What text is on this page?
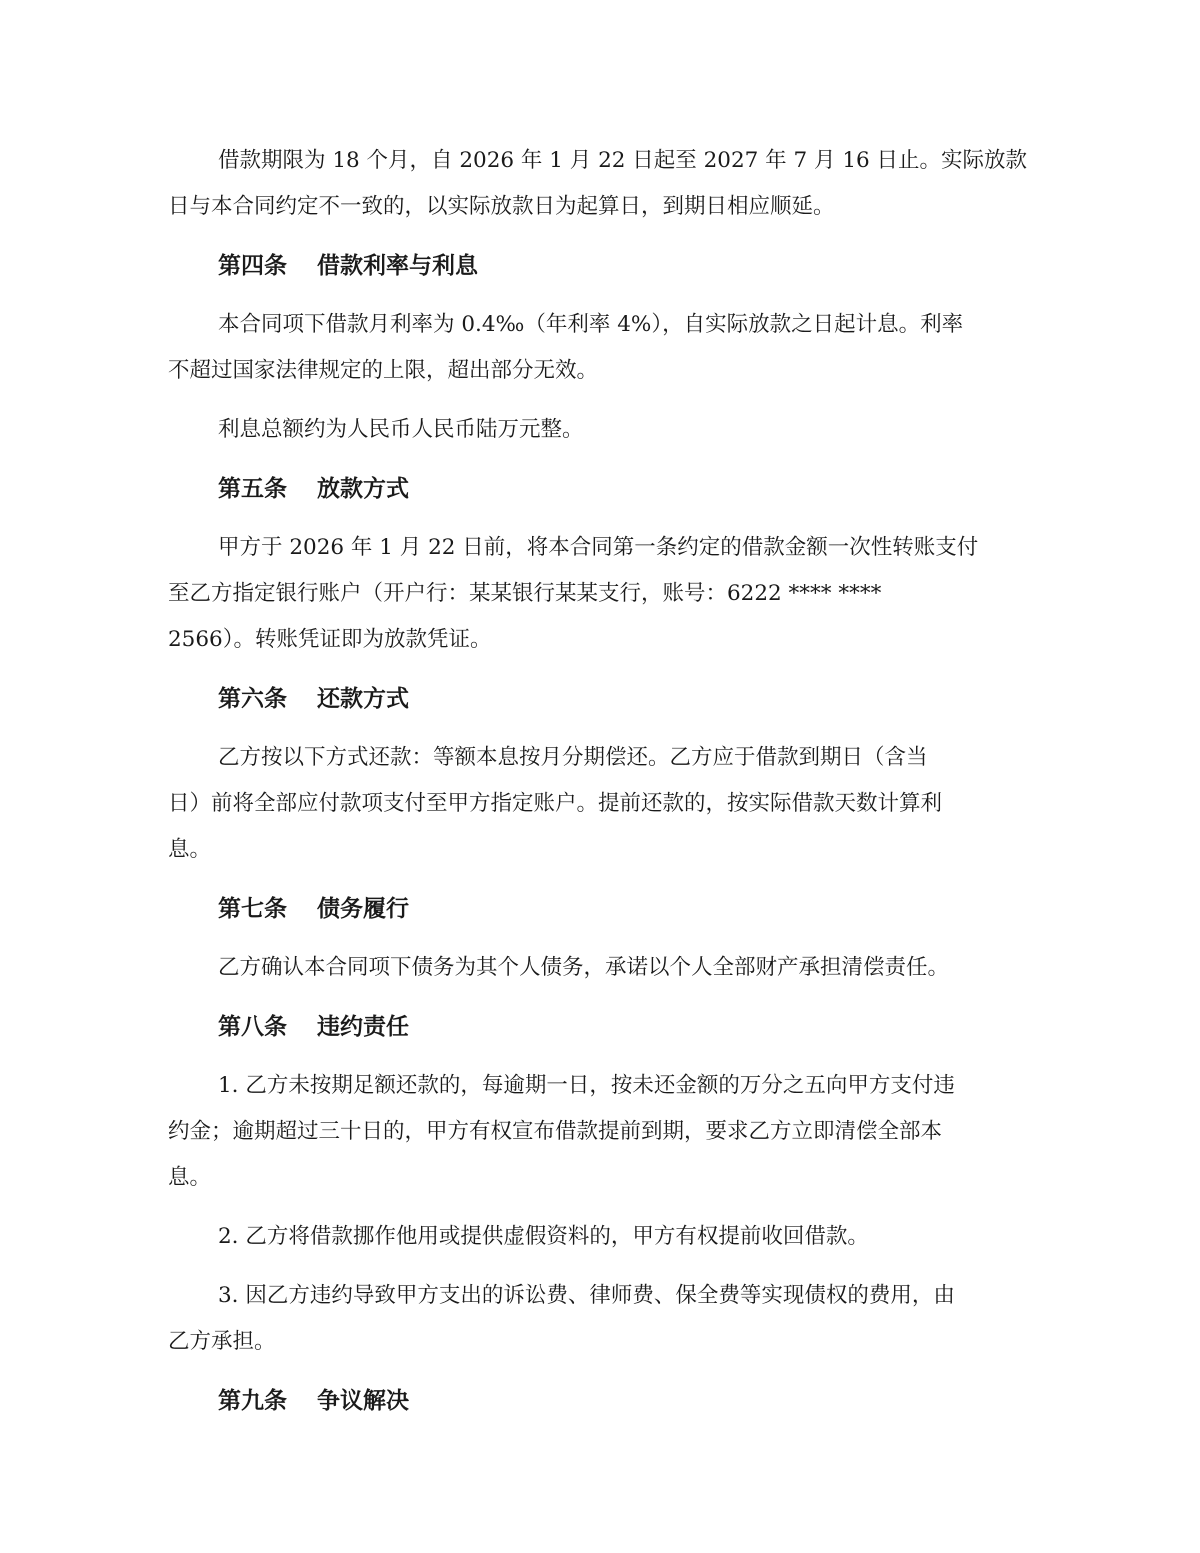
借款期限为 18 个月，自 2026 年 1 月 22 日起至 2027 年 7 月 16 日止。实际放款
日与本合同约定不一致的，以实际放款日为起算日，到期日相应顺延。

第四条 借款利率与利息

本合同项下借款月利率为 0.4‰（年利率 4%），自实际放款之日起计息。利率
不超过国家法律规定的上限，超出部分无效。

利息总额约为人民币人民币陆万元整。

第五条 放款方式

甲方于 2026 年 1 月 22 日前，将本合同第一条约定的借款金额一次性转账支付
至乙方指定银行账户（开户行：某某银行某某支行，账号：6222 **** ****
2566）。转账凭证即为放款凭证。

第六条 还款方式

乙方按以下方式还款：等额本息按月分期偿还。乙方应于借款到期日（含当
日）前将全部应付款项支付至甲方指定账户。提前还款的，按实际借款天数计算利
息。

第七条 债务履行

乙方确认本合同项下债务为其个人债务，承诺以个人全部财产承担清偿责任。

第八条 违约责任

1. 乙方未按期足额还款的，每逾期一日，按未还金额的万分之五向甲方支付违
约金；逾期超过三十日的，甲方有权宣布借款提前到期，要求乙方立即清偿全部本
息。

2. 乙方将借款挪作他用或提供虚假资料的，甲方有权提前收回借款。

3. 因乙方违约导致甲方支出的诉讼费、律师费、保全费等实现债权的费用，由
乙方承担。

第九条 争议解决
